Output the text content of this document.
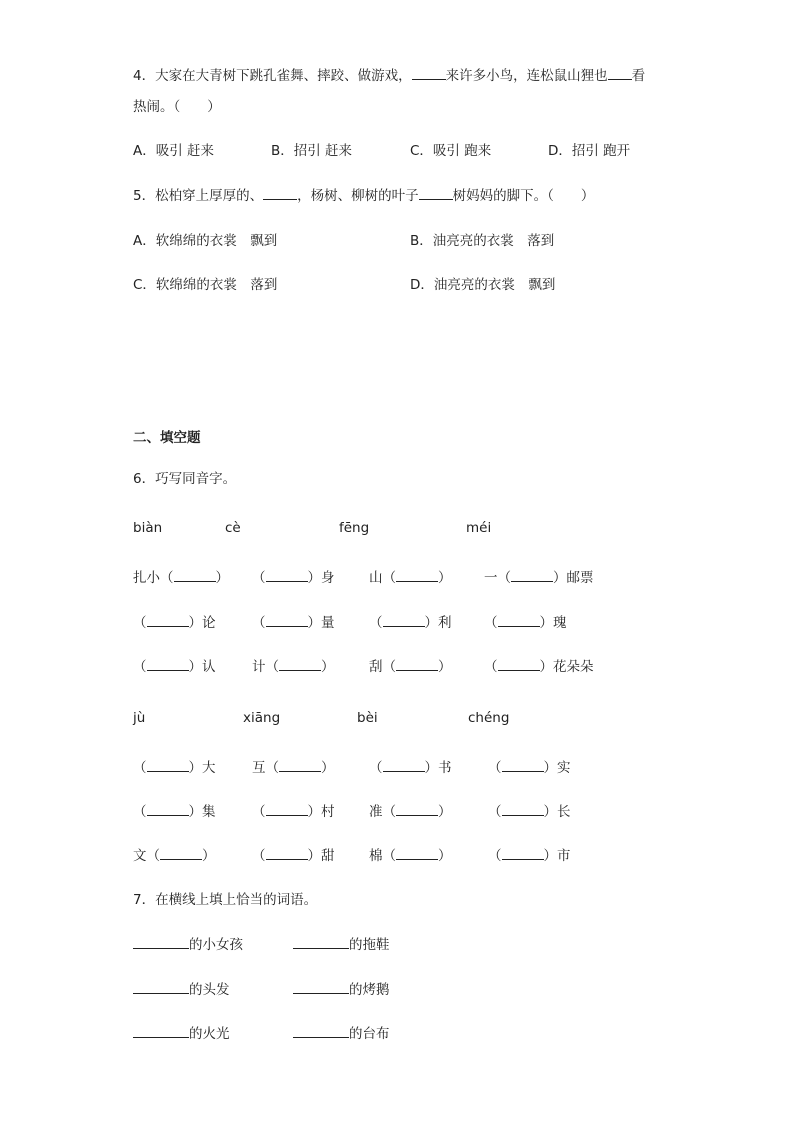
4．大家在大青树下跳孔雀舞、摔跤、做游戏，	来许多小鸟，连松鼠山狸也 看
热闹。（　　）
A．吸引 赶来	B．招引 赶来	C．吸引 跑来	D．招引 跑开
5．松柏穿上厚厚的、	，杨树、柳树的叶子	树妈妈的脚下。（　　）
A．软绵绵的衣裳　飘到	B．油亮亮的衣裳　落到
C．软绵绵的衣裳　落到	D．油亮亮的衣裳　飘到
二、填空题
6．巧写同音字。
biàn	cè	fēng	méi
扎小（	） （	）身	山（	） 一（	）邮票
（	）论	（	）量	（	）利 （	）瑰
（	）认	计（	）	刮（	） （	）花朵朵
jù	xiāng	bèi	chéng
（	）大	互（	）	（	）书	（	）实
（	）集	（	）村	准（	）	（	）长
文（	）	（	）甜	棉（	）	（	）市
7．在横线上填上恰当的词语。
的小女孩	的拖鞋
的头发	的烤鹅
的火光	的台布
